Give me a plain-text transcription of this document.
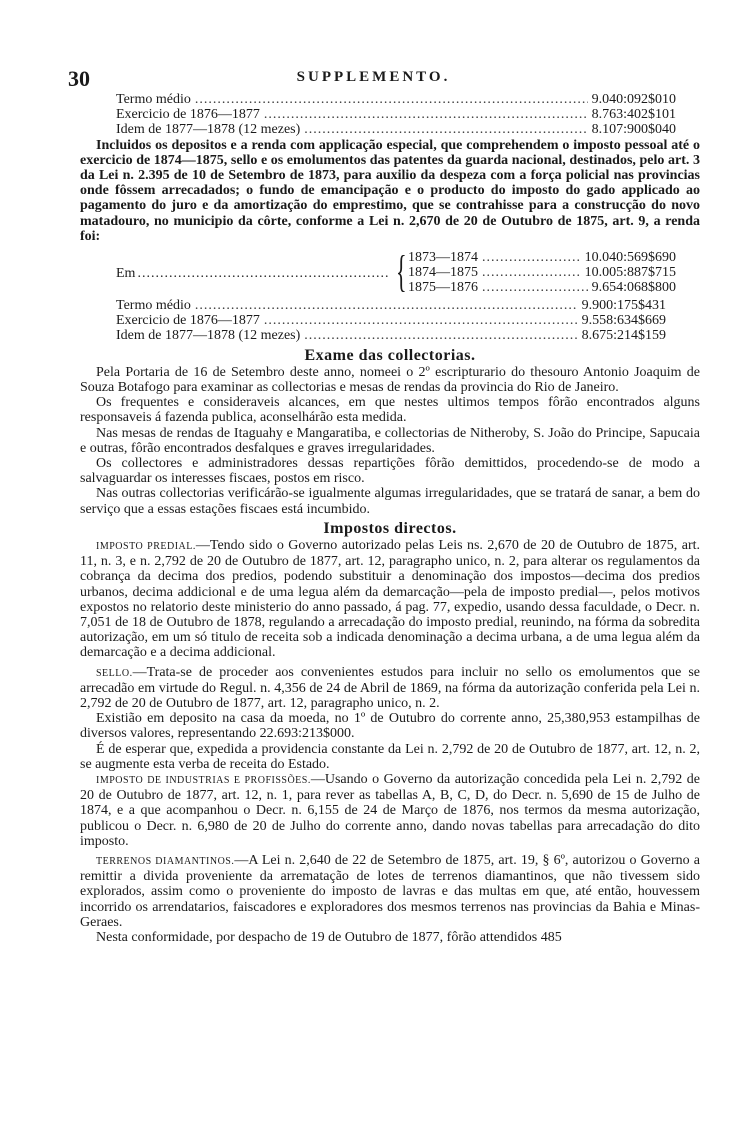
30	SUPPLEMENTO.
Termo médio .....	9.040:092$010
Exercicio de 1876—1877 .....	8.763:402$101
Idem de 1877—1878 (12 mezes) .....	8.107:900$040

Incluidos os depositos e a renda com applicação especial, que comprehendem o imposto pessoal até o exercicio de 1874—1875, sello e os emolumentos das patentes da guarda nacional, destinados, pelo art. 3 da Lei n. 2.395 de 10 de Setembro de 1873, para auxilio da despeza com a força policial nas provincias onde fôssem arrecadados; o fundo de emancipação e o producto do imposto do gado applicado ao pagamento do juro e da amortização do emprestimo, que se contrahisse para a construcção do novo matadouro, no municipio da côrte, conforme a Lei n. 2,670 de 20 de Outubro de 1875, art. 9, a renda foi:

Em .....	{ 1873—1874 .....	10.040:569$690
1874—1875 .....	10.005:887$715
1875—1876 .....	9.654:068$800
Termo médio .....	9.900:175$431
Exercicio de 1876—1877 .....	9.558:634$669
Idem de 1877—1878 (12 mezes) .....	8.675:214$159
Exame das collectorias.

Pela Portaria de 16 de Setembro deste anno, nomeei o 2º escripturario do thesouro Antonio Joaquim de Souza Botafogo para examinar as collectorias e mesas de rendas da provincia do Rio de Janeiro.

Os frequentes e consideraveis alcances, em que nestes ultimos tempos fôrão encontrados alguns responsaveis á fazenda publica, aconselhárão esta medida.

Nas mesas de rendas de Itaguahy e Mangaratiba, e collectorias de Nitheroby, S. João do Principe, Sapucaia e outras, fôrão encontrados desfalques e graves irregularidades.

Os collectores e administradores dessas repartições fôrão demittidos, procedendo-se de modo a salvaguardar os interesses fiscaes, postos em risco.

Nas outras collectorias verificárão-se igualmente algumas irregularidades, que se tratará de sanar, a bem do serviço que a essas estações fiscaes está incumbido.

Impostos directos.

IMPOSTO PREDIAL.—Tendo sido o Governo autorizado pelas Leis ns. 2,670 de 20 de Outubro de 1875, art. 11, n. 3, e n. 2,792 de 20 de Outubro de 1877, art. 12, paragrapho unico, n. 2, para alterar os regulamentos da cobrança da decima dos predios, podendo substituir a denominação dos impostos—decima dos predios urbanos, decima addicional e de uma legua além da demarcação—pela de imposto predial—, pelos motivos expostos no relatorio deste ministerio do anno passado, á pag. 77, expedio, usando dessa faculdade, o Decr. n. 7,051 de 18 de Outubro de 1878, regulando a arrecadação do imposto predial, reunindo, na fórma da sobredita autorização, em um só titulo de receita sob a indicada denominação a decima urbana, a de uma legua além da demarcação e a decima addicional.

SELLO.—Trata-se de proceder aos convenientes estudos para incluir no sello os emolumentos que se arrecadão em virtude do Regul. n. 4,356 de 24 de Abril de 1869, na fórma da autorização conferida pela Lei n. 2,792 de 20 de Outubro de 1877, art. 12, paragrapho unico, n. 2.

Existião em deposito na casa da moeda, no 1º de Outubro do corrente anno, 25,380,953 estampilhas de diversos valores, representando 22.693:213$000.

É de esperar que, expedida a providencia constante da Lei n. 2,792 de 20 de Outubro de 1877, art. 12, n. 2, se augmente esta verba de receita do Estado.

IMPOSTO DE INDUSTRIAS E PROFISSÕES.—Usando o Governo da autorização concedida pela Lei n. 2,792 de 20 de Outubro de 1877, art. 12, n. 1, para rever as tabellas A, B, C, D, do Decr. n. 5,690 de 15 de Julho de 1874, e a que acompanhou o Decr. n. 6,155 de 24 de Março de 1876, nos termos da mesma autorização, publicou o Decr. n. 6,980 de 20 de Julho do corrente anno, dando novas tabellas para arrecadação do dito imposto.

TERRENOS DIAMANTINOS.—A Lei n. 2,640 de 22 de Setembro de 1875, art. 19, § 6º, autorizou o Governo a remittir a divida proveniente da arrematação de lotes de terrenos diamantinos, que não tivessem sido explorados, assim como o proveniente do imposto de lavras e das multas em que, até então, houvessem incorrido os arrendatarios, faiscadores e exploradores dos mesmos terrenos nas provincias da Bahia e Minas-Geraes.

Nesta conformidade, por despacho de 19 de Outubro de 1877, fôrão attendidos 485
